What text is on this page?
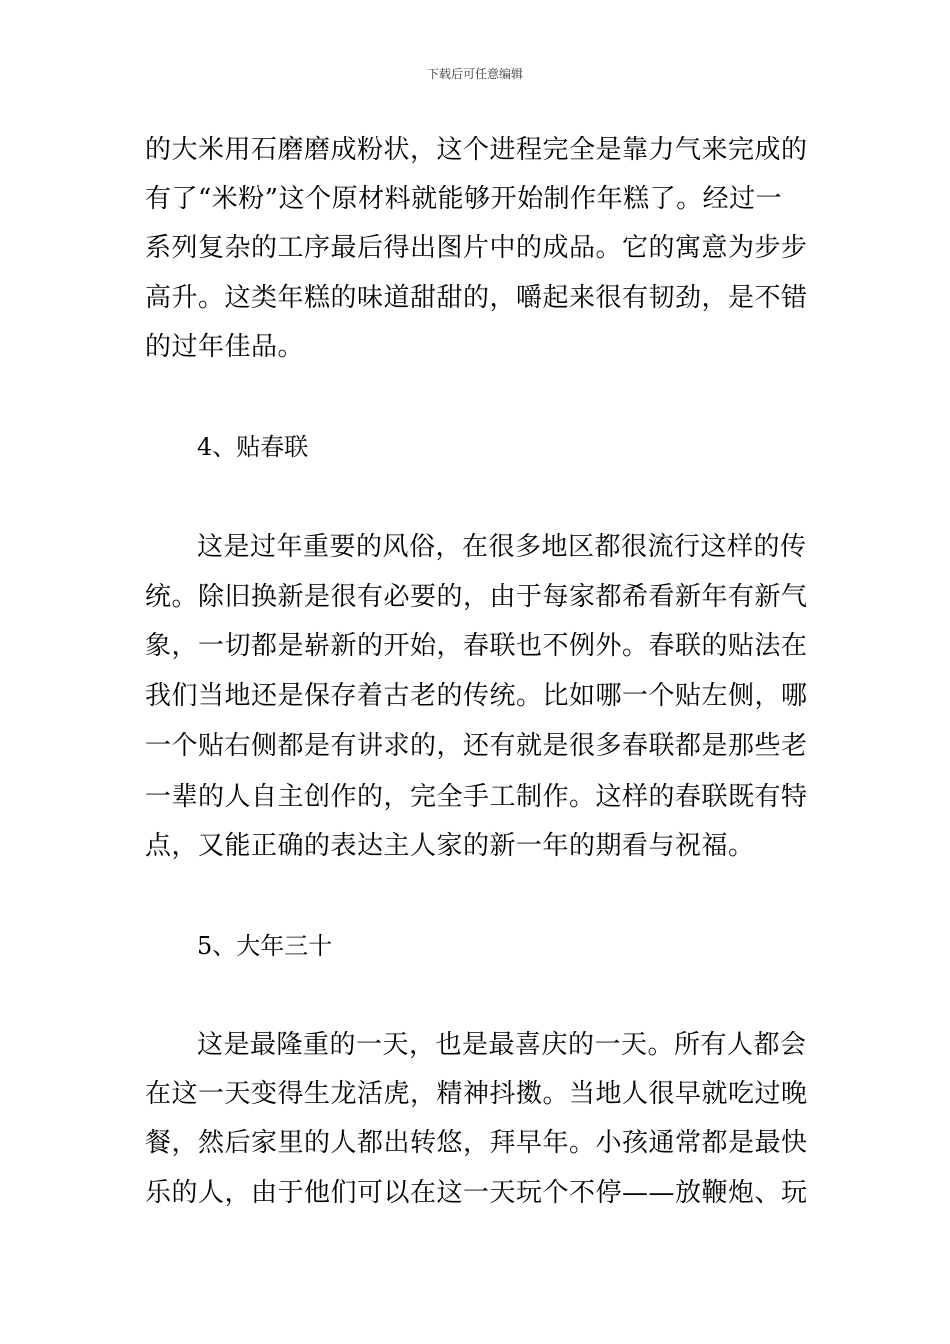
下载后可任意编辑
的大米用石磨磨成粉状，这个进程完全是靠力气来完成的
有了“米粉”这个原材料就能够开始制作年糕了。经过一
系列复杂的工序最后得出图片中的成品。它的寓意为步步
高升。这类年糕的味道甜甜的，嚼起来很有韧劲，是不错
的过年佳品。
4、贴春联
这是过年重要的风俗，在很多地区都很流行这样的传
统。除旧换新是很有必要的，由于每家都希看新年有新气
象，一切都是崭新的开始，春联也不例外。春联的贴法在
我们当地还是保存着古老的传统。比如哪一个贴左侧，哪
一个贴右侧都是有讲求的，还有就是很多春联都是那些老
一辈的人自主创作的，完全手工制作。这样的春联既有特
点，又能正确的表达主人家的新一年的期看与祝福。
5、大年三十
这是最隆重的一天，也是最喜庆的一天。所有人都会
在这一天变得生龙活虎，精神抖擞。当地人很早就吃过晚
餐，然后家里的人都出转悠，拜早年。小孩通常都是最快
乐的人，由于他们可以在这一天玩个不停——放鞭炮、玩
